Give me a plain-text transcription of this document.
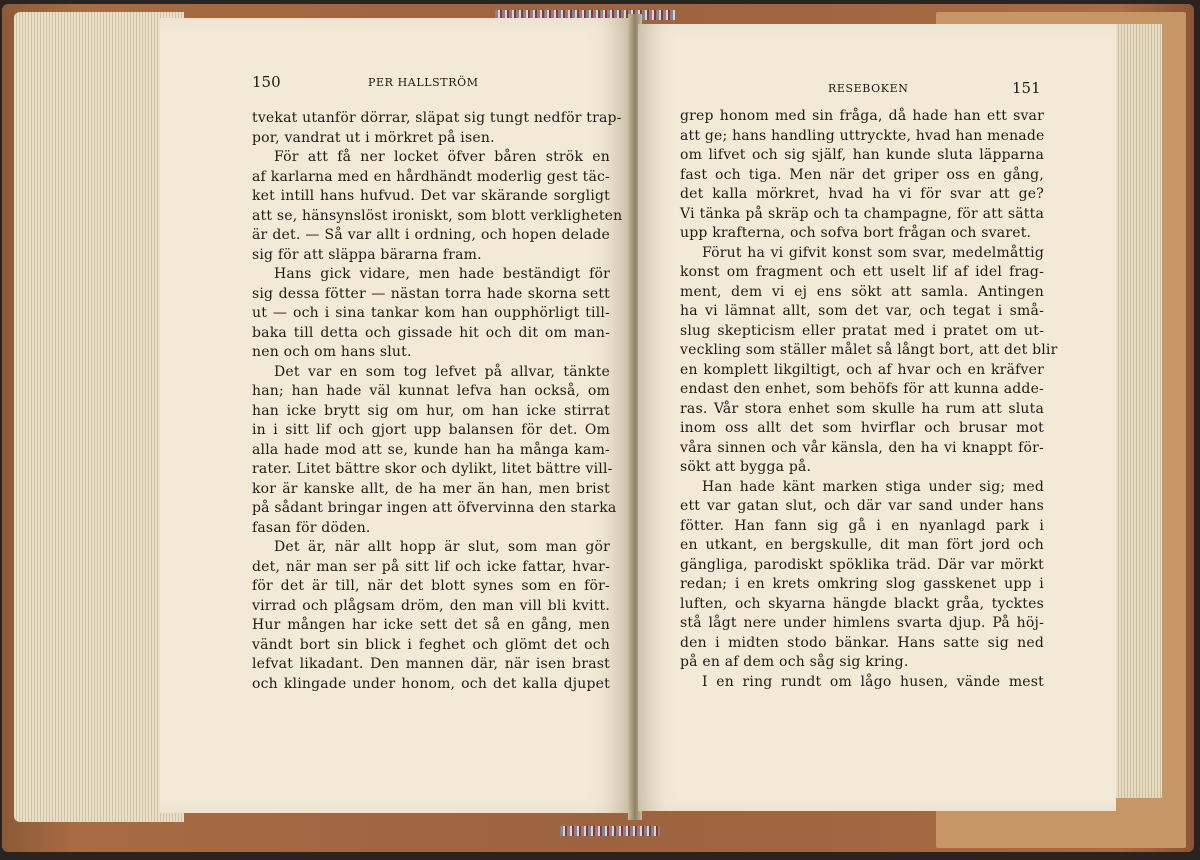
150	PER HALLSTRÖM
tvekat utanför dörrar, släpat sig tungt nedför trap-
por, vandrat ut i mörkret på isen.
För att få ner locket öfver båren strök en
af karlarna med en hårdhändt moderlig gest täc-
ket intill hans hufvud. Det var skärande sorgligt
att se, hänsynslöst ironiskt, som blott verkligheten
är det. — Så var allt i ordning, och hopen delade
sig för att släppa bärarna fram.
Hans gick vidare, men hade beständigt för
sig dessa fötter — nästan torra hade skorna sett
ut — och i sina tankar kom han oupphörligt till-
baka till detta och gissade hit och dit om man-
nen och om hans slut.
Det var en som tog lefvet på allvar, tänkte
han; han hade väl kunnat lefva han också, om
han icke brytt sig om hur, om han icke stirrat
in i sitt lif och gjort upp balansen för det. Om
alla hade mod att se, kunde han ha många kam-
rater. Litet bättre skor och dylikt, litet bättre vill-
kor är kanske allt, de ha mer än han, men brist
på sådant bringar ingen att öfvervinna den starka
fasan för döden.
Det är, när allt hopp är slut, som man gör
det, när man ser på sitt lif och icke fattar, hvar-
för det är till, när det blott synes som en för-
virrad och plågsam dröm, den man vill bli kvitt.
Hur mången har icke sett det så en gång, men
vändt bort sin blick i feghet och glömt det och
lefvat likadant. Den mannen där, när isen brast
och klingade under honom, och det kalla djupet
RESEBOKEN	151
grep honom med sin fråga, då hade han ett svar
att ge; hans handling uttryckte, hvad han menade
om lifvet och sig själf, han kunde sluta läpparna
fast och tiga. Men när det griper oss en gång,
det kalla mörkret, hvad ha vi för svar att ge?
Vi tänka på skräp och ta champagne, för att sätta
upp krafterna, och sofva bort frågan och svaret.
Förut ha vi gifvit konst som svar, medelmåttig
konst om fragment och ett uselt lif af idel frag-
ment, dem vi ej ens sökt att samla. Antingen
ha vi lämnat allt, som det var, och tegat i små-
slug skepticism eller pratat med i pratet om ut-
veckling som ställer målet så långt bort, att det blir
en komplett likgiltigt, och af hvar och en kräfver
endast den enhet, som behöfs för att kunna adde-
ras. Vår stora enhet som skulle ha rum att sluta
inom oss allt det som hvirflar och brusar mot
våra sinnen och vår känsla, den ha vi knappt för-
sökt att bygga på.
Han hade känt marken stiga under sig; med
ett var gatan slut, och där var sand under hans
fötter. Han fann sig gå i en nyanlagd park i
en utkant, en bergskulle, dit man fört jord och
gängliga, parodiskt spöklika träd. Där var mörkt
redan; i en krets omkring slog gasskenet upp i
luften, och skyarna hängde blackt gråa, tycktes
stå lågt nere under himlens svarta djup. På höj-
den i midten stodo bänkar. Hans satte sig ned
på en af dem och såg sig kring.
I en ring rundt om lågo husen, vände mest
